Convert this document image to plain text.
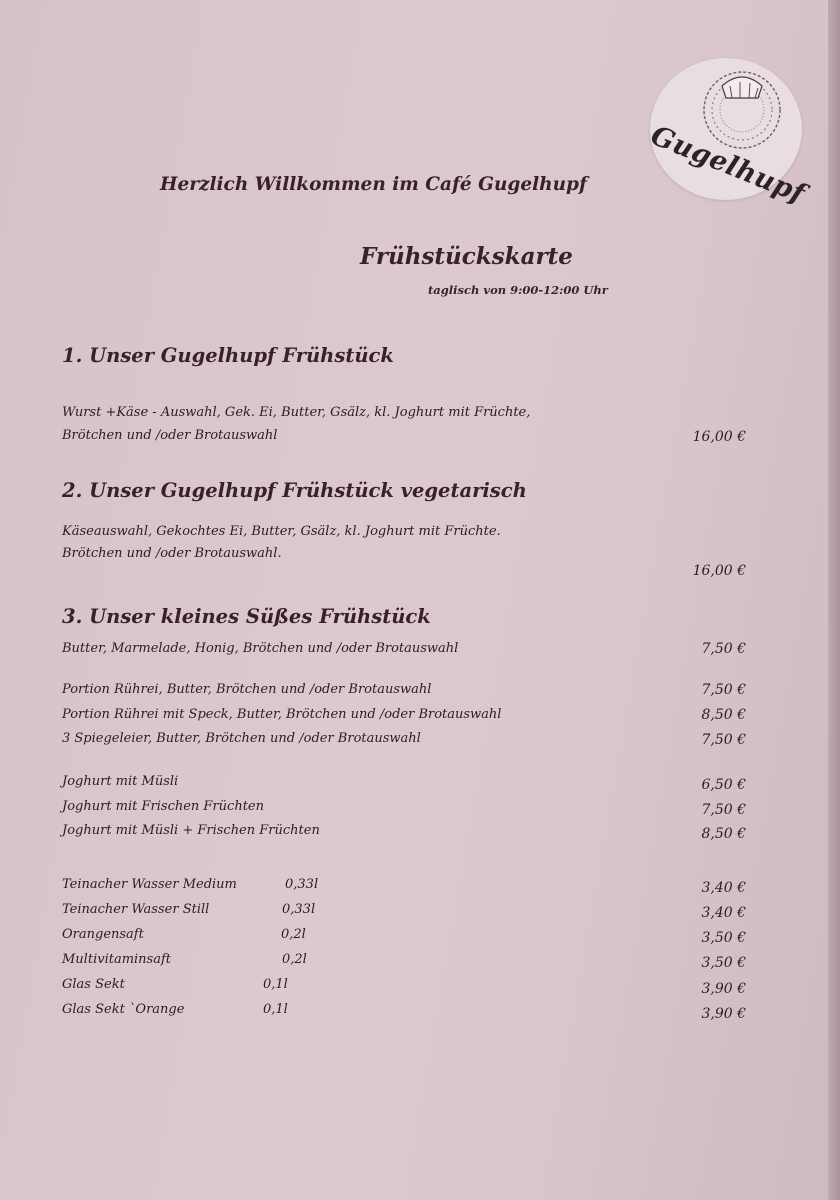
Gugelhupf
Herzlich Willkommen im Café Gugelhupf
Frühstückskarte
taglisch von 9:00-12:00 Uhr
1. Unser Gugelhupf Frühstück
Wurst +Käse - Auswahl, Gek. Ei, Butter, Gsälz, kl. Joghurt mit Früchte,
Brötchen und /oder Brotauswahl	16,00 €
2. Unser Gugelhupf Frühstück vegetarisch
Käseauswahl, Gekochtes Ei, Butter, Gsälz, kl. Joghurt mit Früchte.
Brötchen und /oder Brotauswahl.
16,00 €
3. Unser kleines Süßes Frühstück
Butter, Marmelade, Honig, Brötchen und /oder Brotauswahl	7,50 €
Portion Rührei, Butter, Brötchen und /oder Brotauswahl	7,50 €
Portion Rührei mit Speck, Butter, Brötchen und /oder Brotauswahl	8,50 €
3 Spiegeleier, Butter, Brötchen und /oder Brotauswahl	7,50 €
Joghurt mit Müsli	6,50 €
Joghurt mit Frischen Früchten	7,50 €
Joghurt mit Müsli + Frischen Früchten	8,50 €
Teinacher Wasser Medium	0,33l	3,40 €
Teinacher Wasser Still	0,33l	3,40 €
Orangensaft	0,2l	3,50 €
Multivitaminsaft	0,2l	3,50 €
Glas Sekt	0,1l	3,90 €
Glas Sekt `Orange	0,1l	3,90 €
